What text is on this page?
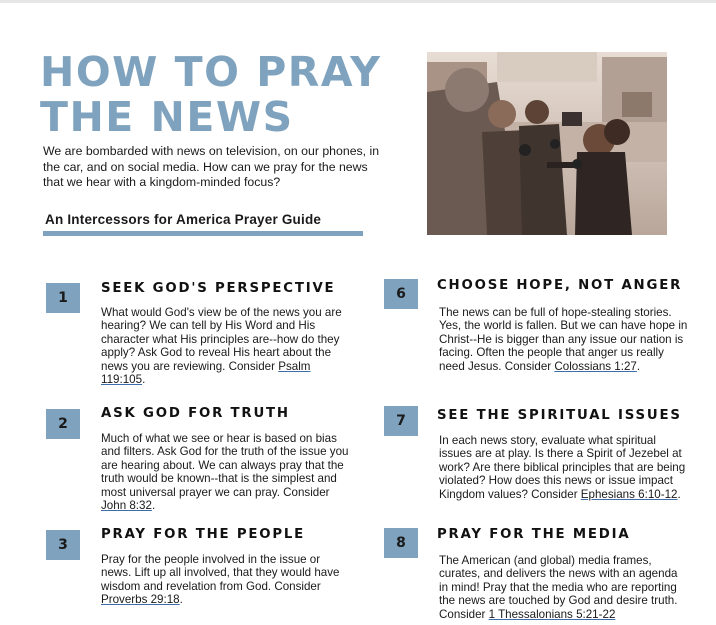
HOW TO PRAY THE NEWS

We are bombarded with news on television, on our phones, in the car, and on social media. How can we pray for the news that we hear with a kingdom-minded focus?

An Intercessors for America Prayer Guide

1
SEEK GOD'S PERSPECTIVE

What would God's view be of the news you are hearing? We can tell by His Word and His character what His principles are--how do they apply? Ask God to reveal His heart about the news you are reviewing. Consider Psalm 119:105.

2
ASK GOD FOR TRUTH

Much of what we see or hear is based on bias and filters. Ask God for the truth of the issue you are hearing about. We can always pray that the truth would be known--that is the simplest and most universal prayer we can pray. Consider John 8:32.

3
PRAY FOR THE PEOPLE

Pray for the people involved in the issue or news. Lift up all involved, that they would have wisdom and revelation from God. Consider Proverbs 29:18.

6
CHOOSE HOPE, NOT ANGER

The news can be full of hope-stealing stories. Yes, the world is fallen. But we can have hope in Christ--He is bigger than any issue our nation is facing. Often the people that anger us really need Jesus. Consider Colossians 1:27.

7	SEE THE SPIRITUAL ISSUES

In each news story, evaluate what spiritual issues are at play. Is there a Spirit of Jezebel at work? Are there biblical principles that are being violated? How does this news or issue impact Kingdom values? Consider Ephesians 6:10-12.

8
PRAY FOR THE MEDIA

The American (and global) media frames, curates, and delivers the news with an agenda in mind! Pray that the media who are reporting the news are touched by God and desire truth. Consider 1 Thessalonians 5:21-22
